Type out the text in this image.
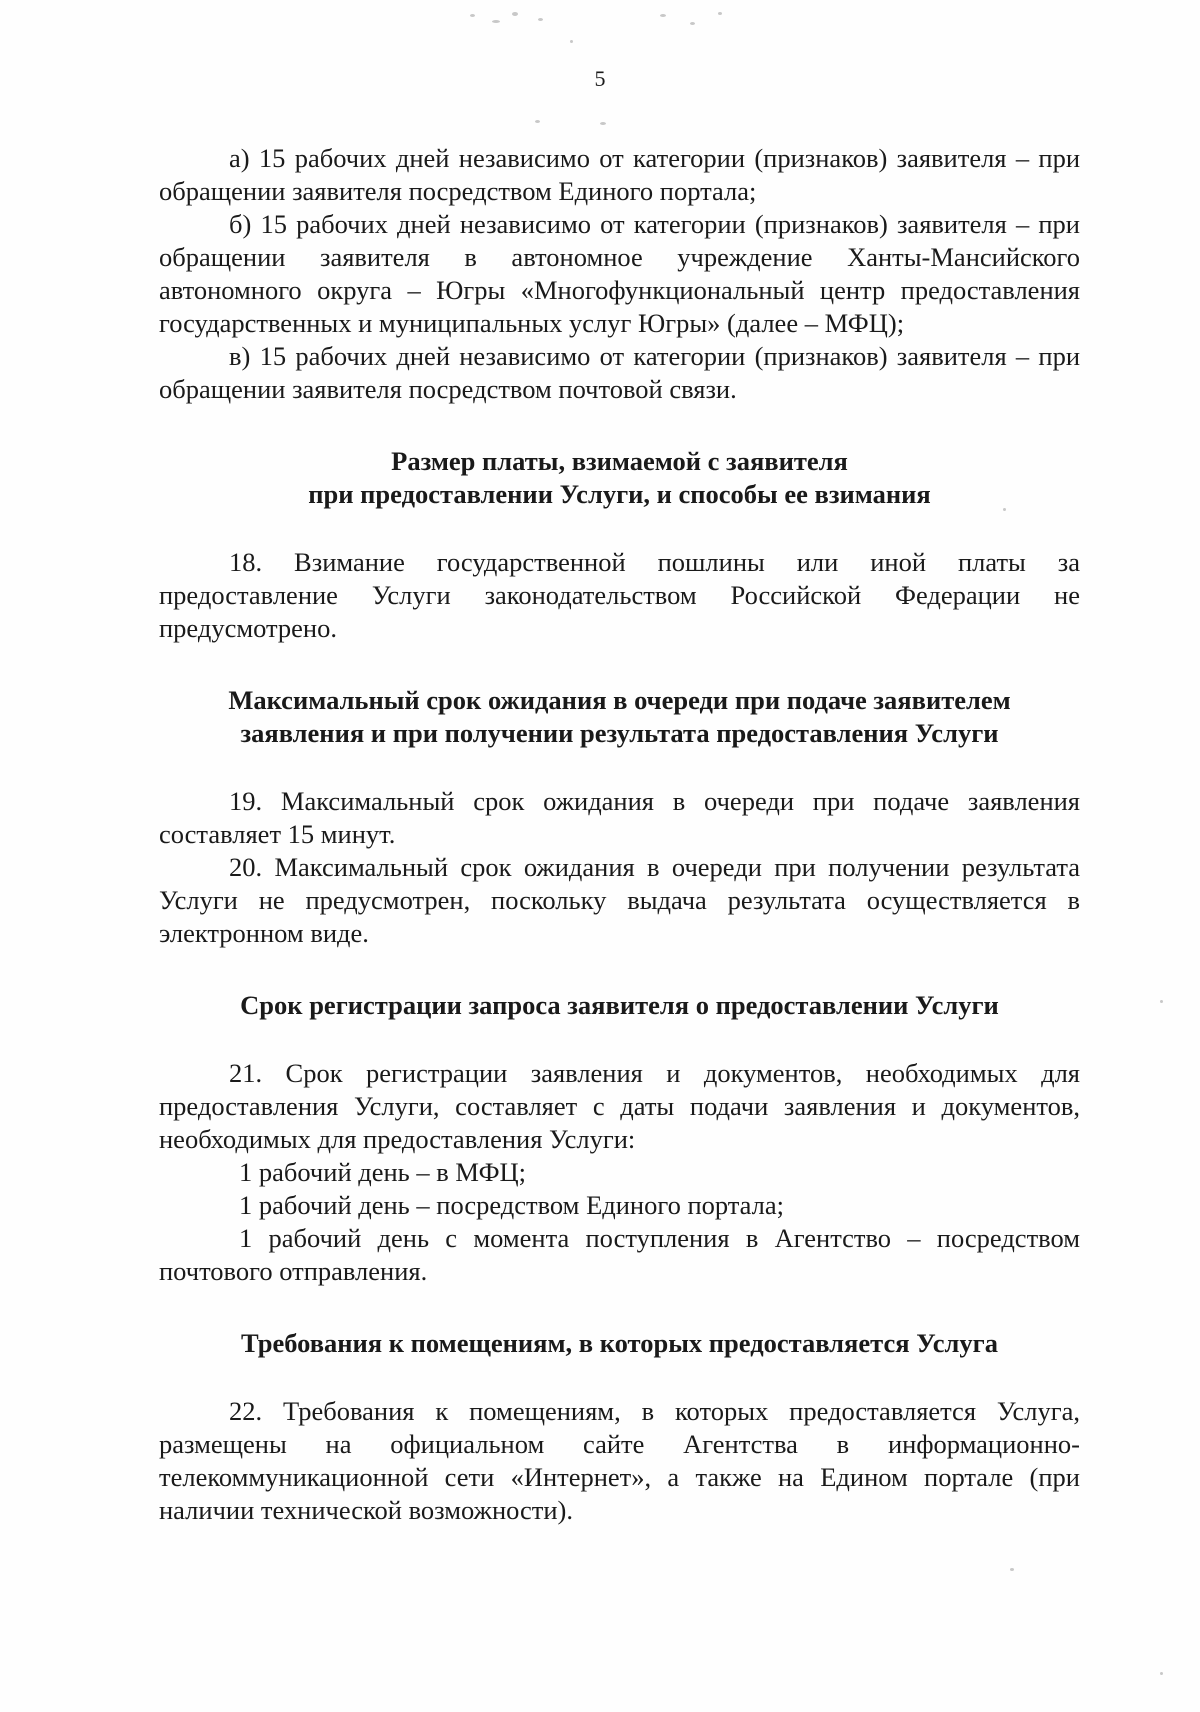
5

а) 15 рабочих дней независимо от категории (признаков) заявителя – при обращении заявителя посредством Единого портала;

б) 15 рабочих дней независимо от категории (признаков) заявителя – при обращении заявителя в автономное учреждение Ханты-Мансийского автономного округа – Югры «Многофункциональный центр предоставления государственных и муниципальных услуг Югры» (далее – МФЦ);

в) 15 рабочих дней независимо от категории (признаков) заявителя – при обращении заявителя посредством почтовой связи.

Размер платы, взимаемой с заявителя
при предоставлении Услуги, и способы ее взимания

18. Взимание государственной пошлины или иной платы за предоставление Услуги законодательством Российской Федерации не предусмотрено.

Максимальный срок ожидания в очереди при подаче заявителем
заявления и при получении результата предоставления Услуги

19. Максимальный срок ожидания в очереди при подаче заявления составляет 15 минут.

20. Максимальный срок ожидания в очереди при получении результата Услуги не предусмотрен, поскольку выдача результата осуществляется в электронном виде.

Срок регистрации запроса заявителя о предоставлении Услуги

21. Срок регистрации заявления и документов, необходимых для предоставления Услуги, составляет с даты подачи заявления и документов, необходимых для предоставления Услуги:

1 рабочий день – в МФЦ;

1 рабочий день – посредством Единого портала;

1 рабочий день с момента поступления в Агентство – посредством почтового отправления.

Требования к помещениям, в которых предоставляется Услуга

22. Требования к помещениям, в которых предоставляется Услуга, размещены на официальном сайте Агентства в информационно-телекоммуникационной сети «Интернет», а также на Едином портале (при наличии технической возможности).
